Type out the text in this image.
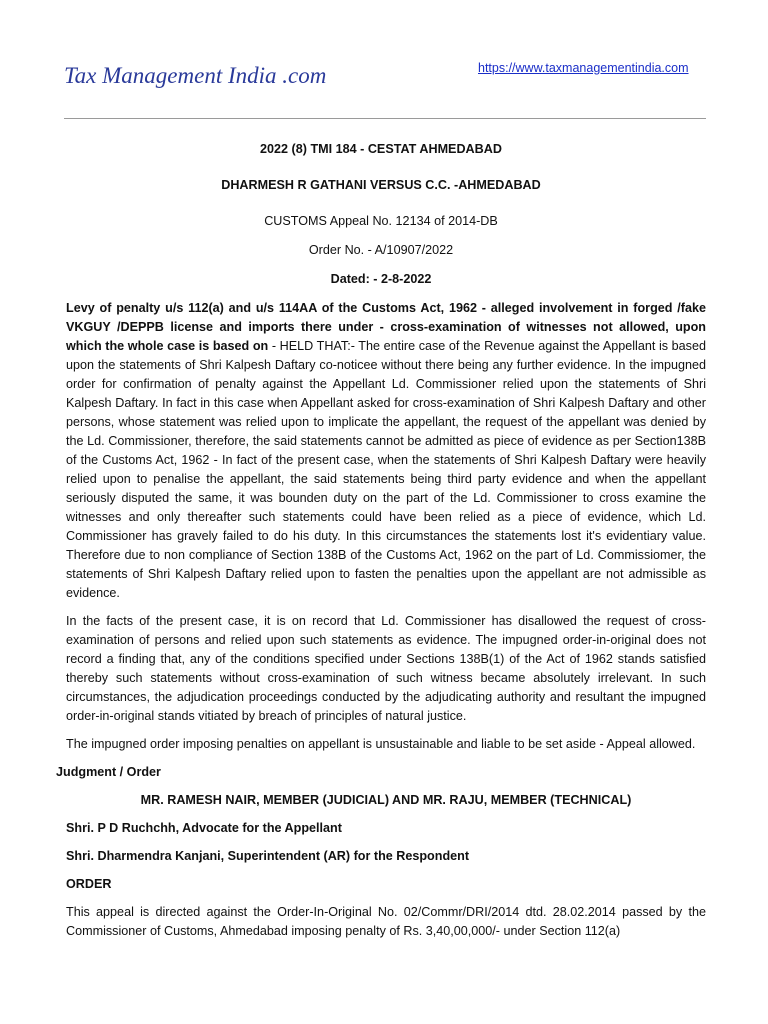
Tax Management India .com	https://www.taxmanagementindia.com
2022 (8) TMI 184 - CESTAT AHMEDABAD
DHARMESH R GATHANI VERSUS C.C. -AHMEDABAD
CUSTOMS Appeal No. 12134 of 2014-DB
Order No. - A/10907/2022
Dated: - 2-8-2022

Levy of penalty u/s 112(a) and u/s 114AA of the Customs Act, 1962 - alleged involvement in forged /fake VKGUY /DEPPB license and imports there under - cross-examination of witnesses not allowed, upon which the whole case is based on - HELD THAT:- The entire case of the Revenue against the Appellant is based upon the statements of Shri Kalpesh Daftary co-noticee without there being any further evidence. In the impugned order for confirmation of penalty against the Appellant Ld. Commissioner relied upon the statements of Shri Kalpesh Daftary. In fact in this case when Appellant asked for cross-examination of Shri Kalpesh Daftary and other persons, whose statement was relied upon to implicate the appellant, the request of the appellant was denied by the Ld. Commissioner, therefore, the said statements cannot be admitted as piece of evidence as per Section138B of the Customs Act, 1962 - In fact of the present case, when the statements of Shri Kalpesh Daftary were heavily relied upon to penalise the appellant, the said statements being third party evidence and when the appellant seriously disputed the same, it was bounden duty on the part of the Ld. Commissioner to cross examine the witnesses and only thereafter such statements could have been relied as a piece of evidence, which Ld. Commissioner has gravely failed to do his duty. In this circumstances the statements lost it's evidentiary value. Therefore due to non compliance of Section 138B of the Customs Act, 1962 on the part of Ld. Commissiomer, the statements of Shri Kalpesh Daftary relied upon to fasten the penalties upon the appellant are not admissible as evidence.

In the facts of the present case, it is on record that Ld. Commissioner has disallowed the request of cross-examination of persons and relied upon such statements as evidence. The impugned order-in-original does not record a finding that, any of the conditions specified under Sections 138B(1) of the Act of 1962 stands satisfied thereby such statements without cross-examination of such witness became absolutely irrelevant. In such circumstances, the adjudication proceedings conducted by the adjudicating authority and resultant the impugned order-in-original stands vitiated by breach of principles of natural justice.

The impugned order imposing penalties on appellant is unsustainable and liable to be set aside - Appeal allowed.

Judgment / Order
MR. RAMESH NAIR, MEMBER (JUDICIAL) AND MR. RAJU, MEMBER (TECHNICAL)
Shri. P D Ruchchh, Advocate for the Appellant
Shri. Dharmendra Kanjani, Superintendent (AR) for the Respondent
ORDER

This appeal is directed against the Order-In-Original No. 02/Commr/DRI/2014 dtd. 28.02.2014 passed by the Commissioner of Customs, Ahmedabad imposing penalty of Rs. 3,40,00,000/- under Section 112(a)
